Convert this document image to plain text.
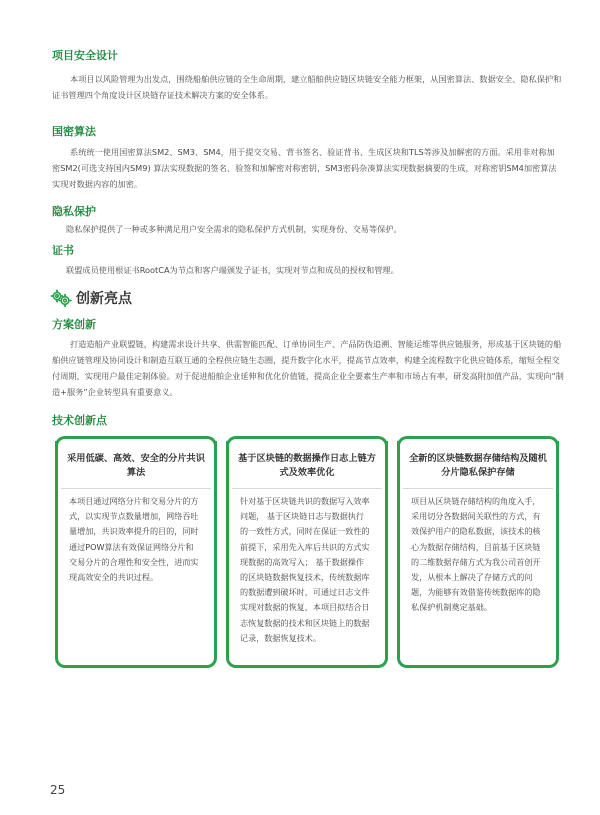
项目安全设计

本项目以风险管理为出发点，围绕船舶供应链的全生命周期，建立船舶供应链区块链安全能力框架，从国密算法、数据安全、隐私保护和证书管理四个角度设计区块链存证技术解决方案的安全体系。

国密算法

系统统一使用国密算法SM2、SM3、SM4，用于提交交易、背书签名、验证背书、生成区块和TLS等涉及加解密的方面。采用非对称加密SM2(可选支持国内SM9) 算法实现数据的签名、验签和加解密对称密钥，SM3密码杂凑算法实现数据摘要的生成，对称密钥SM4加密算法实现对数据内容的加密。

隐私保护

隐私保护提供了一种或多种满足用户安全需求的隐私保护方式机制，实现身份、交易等保护。

证书

联盟成员使用根证书RootCA为节点和客户端颁发子证书，实现对节点和成员的授权和管理。

创新亮点
方案创新

打造造船产业联盟链，构建需求设计共享、供需智能匹配、订单协同生产、产品防伪追溯、智能运维等供应链服务，形成基于区块链的船舶供应链管理及协同设计和制造互联互通的全程供应链生态圈，提升数字化水平，提高节点效率，构建全流程数字化供应链体系，缩短全程交付周期，实现用户最佳定制体验。对于促进船舶企业延伸和优化价值链，提高企业全要素生产率和市场占有率，研发高附加值产品，实现向“制造+服务”企业转型具有重要意义。

技术创新点
采用低碳、高效、安全的分片共识算法

本项目通过网络分片和交易分片的方式，以实现节点数量增加，网络吞吐量增加，共识效率提升的目的，同时通过POW算法有效保证网络分片和交易分片的合理性和安全性，进而实现高效安全的共识过程。

基于区块链的数据操作日志上链方式及效率优化

针对基于区块链共识的数据写入效率问题， 基于区块链日志与数据执行的一致性方式，同时在保证一致性的前提下，采用先入库后共识的方式实现数据的高效写入； 基于数据操作的区块链数据恢复技术，传统数据库的数据遭到破坏时，可通过日志文件实现对数据的恢复，本项目拟结合日志恢复数据的技术和区块链上的数据记录，数据恢复技术。

全新的区块链数据存储结构及随机分片隐私保护存储

项目从区块链存储结构的角度入手，采用切分各数据间关联性的方式，有效保护用户的隐私数据，该技术的核心为数据存储结构，目前基于区块链的二维数据存储方式为我公司首创开发，从根本上解决了存储方式的问题，为能够有效借鉴传统数据库的隐私保护机制奠定基础。

25
